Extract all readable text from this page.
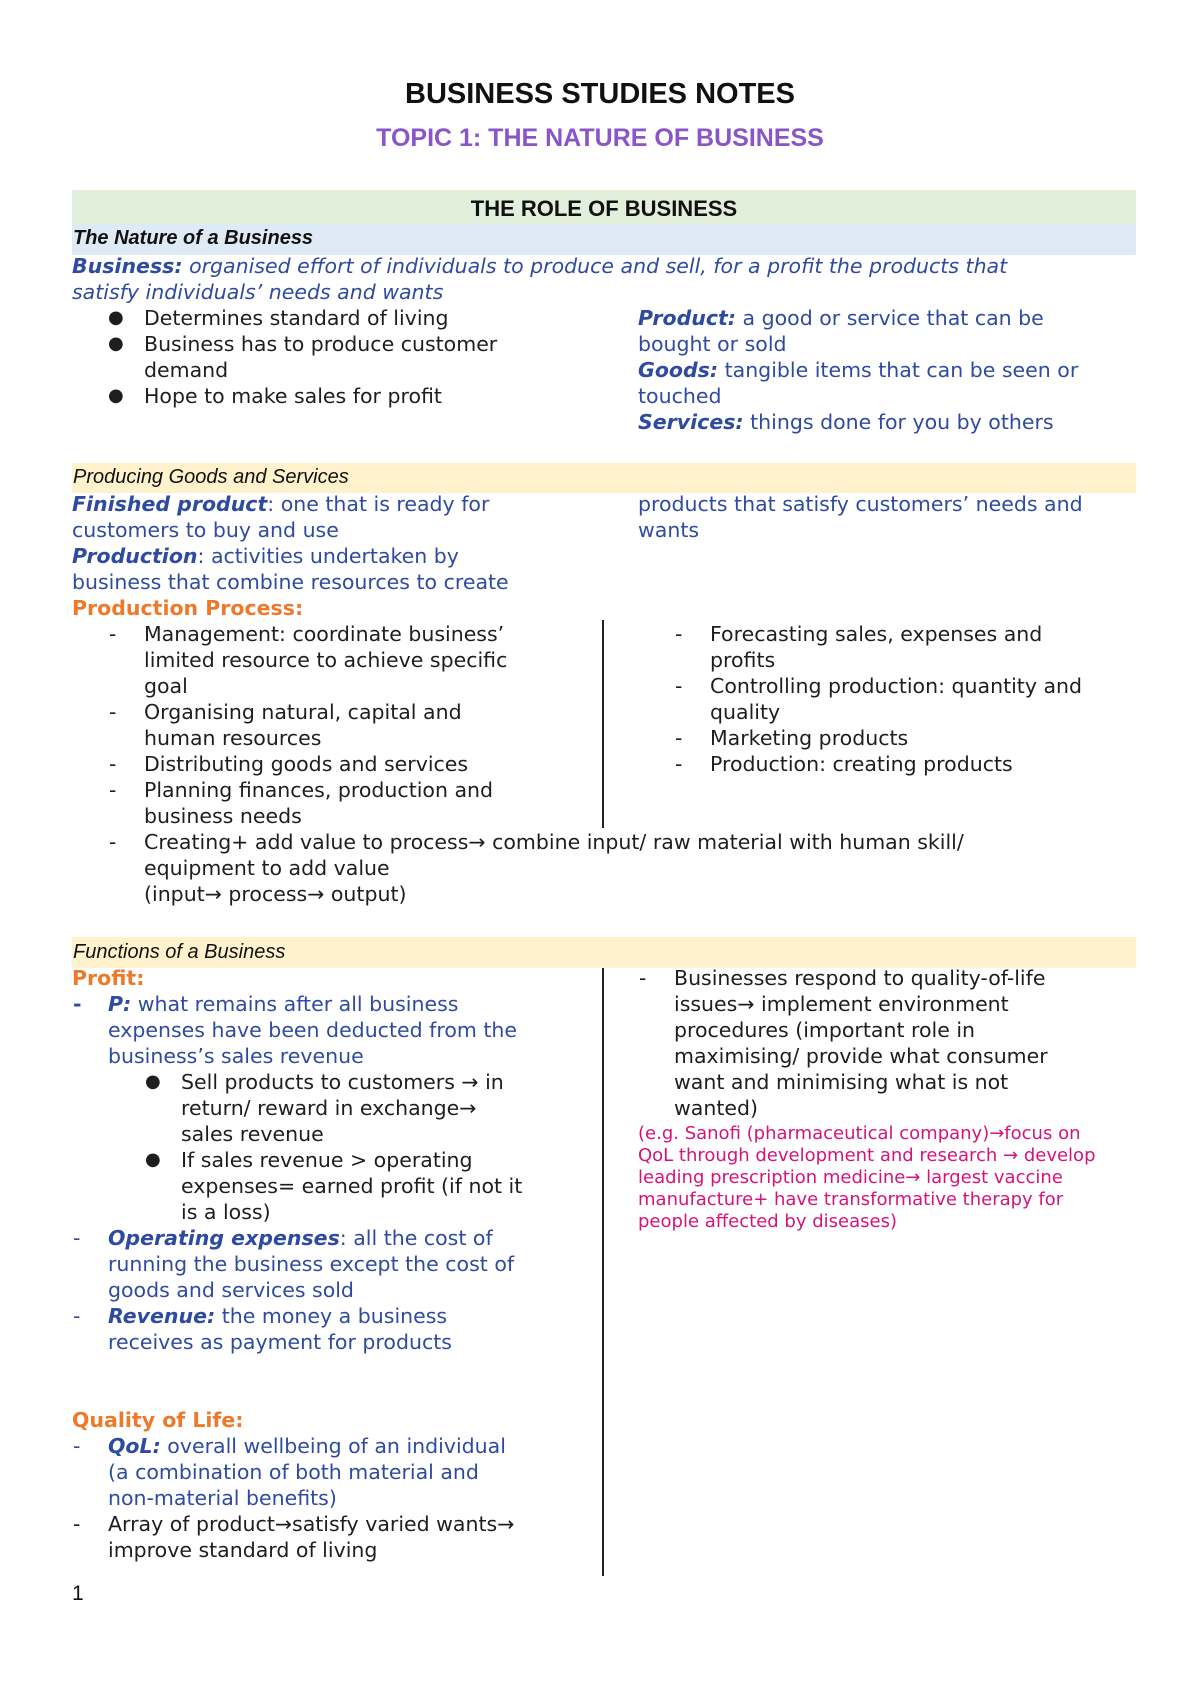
BUSINESS STUDIES NOTES
TOPIC 1: THE NATURE OF BUSINESS
THE ROLE OF BUSINESS
The Nature of a Business
Business: organised effort of individuals to produce and sell, for a profit the products that
satisfy individuals’ needs and wants
● Determines standard of living
● Business has to produce customer
demand
● Hope to make sales for profit
Product: a good or service that can be
bought or sold
Goods: tangible items that can be seen or
touched
Services: things done for you by others
Producing Goods and Services
Finished product: one that is ready for
customers to buy and use
Production: activities undertaken by
business that combine resources to create
products that satisfy customers’ needs and
wants
Production Process:
- Management: coordinate business’
limited resource to achieve specific
goal
- Organising natural, capital and
human resources
- Distributing goods and services
- Planning finances, production and
business needs
- Forecasting sales, expenses and
profits
- Controlling production: quantity and
quality
- Marketing products
- Production: creating products
- Creating+ add value to process→ combine input/ raw material with human skill/
equipment to add value
(input→ process→ output)
Functions of a Business
Profit:
- P: what remains after all business
expenses have been deducted from the
business’s sales revenue
● Sell products to customers → in
return/ reward in exchange→
sales revenue
● If sales revenue > operating
expenses= earned profit (if not it
is a loss)
- Operating expenses: all the cost of
running the business except the cost of
goods and services sold
- Revenue: the money a business
receives as payment for products
Quality of Life:
- QoL: overall wellbeing of an individual
(a combination of both material and
non-material benefits)
- Array of product→satisfy varied wants→
improve standard of living
- Businesses respond to quality-of-life
issues→ implement environment
procedures (important role in
maximising/ provide what consumer
want and minimising what is not
wanted)
(e.g. Sanofi (pharmaceutical company)→focus on
QoL through development and research → develop
leading prescription medicine→ largest vaccine
manufacture+ have transformative therapy for
people affected by diseases)
1
